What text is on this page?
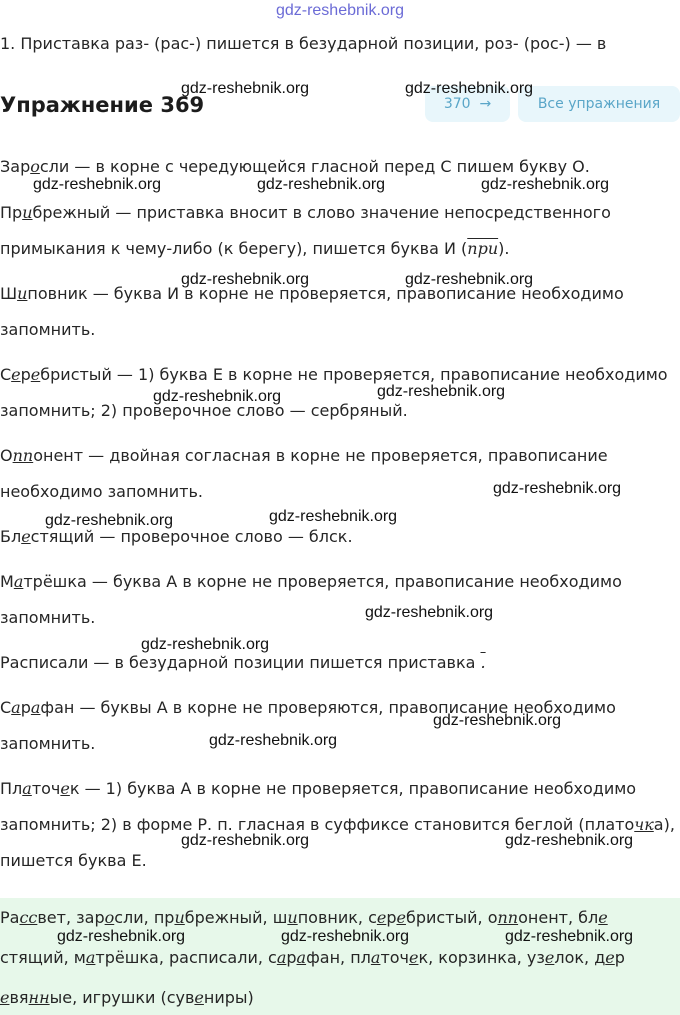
gdz-reshebnik.org
1. Приставка раз- (рас-) пишется в безударной позиции, роз- (рос-) — в
Упражнение 369	370  →	Все упражнения
Заросли — в корне с чередующейся гласной перед С пишем букву О.
Прибрежный — приставка вносит в слово значение непосредственного
примыкания к чему-либо (к берегу), пишется буква И (при).
Шиповник — буква И в корне не проверяется, правописание необходимо
запомнить.
Серебристый — 1) буква Е в корне не проверяется, правописание необходимо
запомнить; 2) проверочное слово — сербряный.
Оппонент — двойная согласная в корне не проверяется, правописание
необходимо запомнить.
Блестящий — проверочное слово — блск.
Матрёшка — буква А в корне не проверяется, правописание необходимо
запомнить.
Расписали — в безударной позиции пишется приставка .
Сарафан — буквы А в корне не проверяются, правописание необходимо
запомнить.
Платочек — 1) буква А в корне не проверяется, правописание необходимо
запомнить; 2) в форме Р. п. гласная в суффиксе становится беглой (платочка),
пишется буква Е.
Рассвет, заросли, прибрежный, шиповник, серебристый, оппонент, бле
стящий, матрёшка, расписали, сарафан, платочек, корзинка, узелок, дер
евянные, игрушки (сувениры)
gdz-reshebnik.org	gdz-reshebnik.org
gdz-reshebnik.org	gdz-reshebnik.org	gdz-reshebnik.org
gdz-reshebnik.org	gdz-reshebnik.org
gdz-reshebnik.org	gdz-reshebnik.org
gdz-reshebnik.org
gdz-reshebnik.org	gdz-reshebnik.org
gdz-reshebnik.org
gdz-reshebnik.org
gdz-reshebnik.org
gdz-reshebnik.org
gdz-reshebnik.org	gdz-reshebnik.org
gdz-reshebnik.org	gdz-reshebnik.org	gdz-reshebnik.org
